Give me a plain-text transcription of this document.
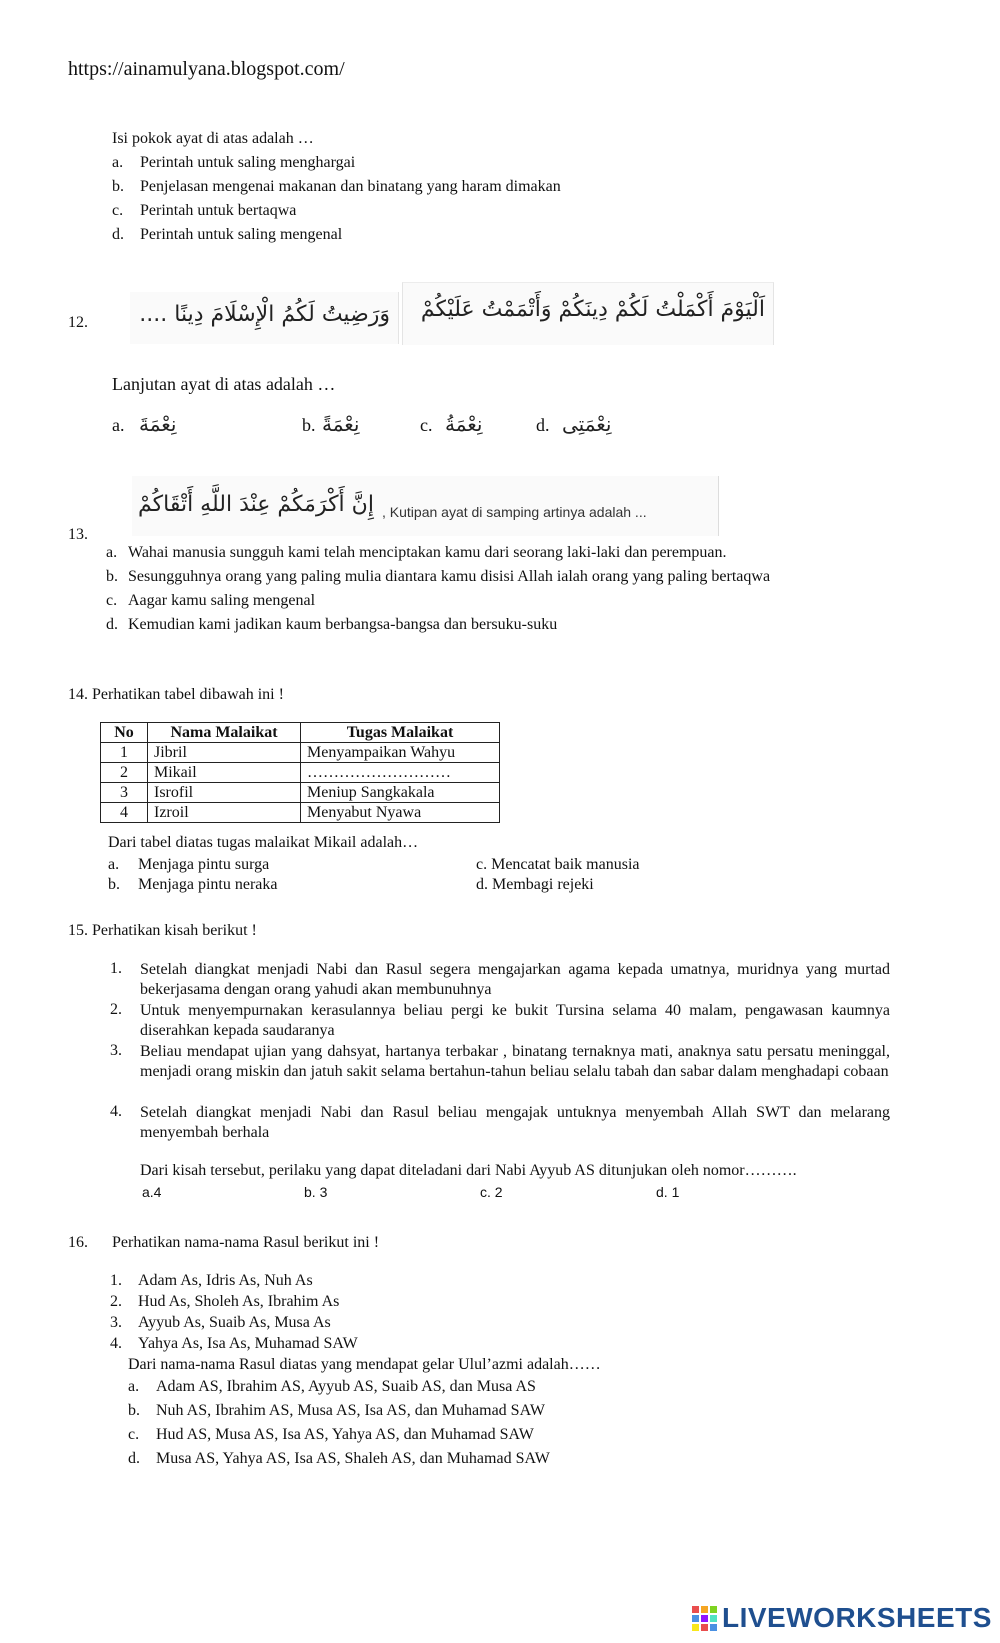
https://ainamulyana.blogspot.com/
Isi pokok ayat di atas adalah …
a. Perintah untuk saling menghargai
b. Penjelasan mengenai makanan dan binatang yang haram dimakan
c. Perintah untuk bertaqwa
d. Perintah untuk saling mengenal
12. وَرَضِيتُ لَكُمُ الْإِسْلَامَ دِينًا .... اَلْيَوْمَ أَكْمَلْتُ لَكُمْ دِينَكُمْ وَأَتْمَمْتُ عَلَيْكُمْ
Lanjutan ayat di atas adalah …
a. نِعْمَةَ	b. نِعْمَةً	c. نِعْمَةُ	d. نِعْمَتِى
إِنَّ أَكْرَمَكُمْ عِنْدَ اللَّهِ أَتْقَاكُمْ , Kutipan ayat di samping artinya adalah ...
13.
a. Wahai manusia sungguh kami telah menciptakan kamu dari seorang laki-laki dan perempuan.
b. Sesungguhnya orang yang paling mulia diantara kamu disisi Allah ialah orang yang paling bertaqwa
c. Aagar kamu saling mengenal
d. Kemudian kami jadikan kaum berbangsa-bangsa dan bersuku-suku
14. Perhatikan tabel dibawah ini !
No	Nama Malaikat	Tugas Malaikat
1	Jibril	Menyampaikan Wahyu
2	Mikail	………………………
3	Isrofil	Meniup Sangkakala
4	Izroil	Menyabut Nyawa
Dari tabel diatas tugas malaikat Mikail adalah…
a. Menjaga pintu surga
b. Menjaga pintu neraka
c. Mencatat baik manusia
d. Membagi rejeki
15. Perhatikan kisah berikut !
1. Setelah diangkat menjadi Nabi dan Rasul segera mengajarkan agama kepada umatnya, muridnya yang murtad bekerjasama dengan orang yahudi akan membunuhnya
2. Untuk menyempurnakan kerasulannya beliau pergi ke bukit Tursina selama 40 malam, pengawasan kaumnya diserahkan kepada saudaranya
3. Beliau mendapat ujian yang dahsyat, hartanya terbakar , binatang ternaknya mati, anaknya satu persatu meninggal, menjadi orang miskin dan jatuh sakit selama bertahun-tahun beliau selalu tabah dan sabar dalam menghadapi cobaan
4. Setelah diangkat menjadi Nabi dan Rasul beliau mengajak untuknya menyembah Allah SWT dan melarang menyembah berhala
Dari kisah tersebut, perilaku yang dapat diteladani dari Nabi Ayyub AS ditunjukan oleh nomor……….
a.4	b. 3	c. 2	d. 1
16. Perhatikan nama-nama Rasul berikut ini !
1. Adam As, Idris As, Nuh As
2. Hud As, Sholeh As, Ibrahim As
3. Ayyub As, Suaib As, Musa As
4. Yahya As, Isa As, Muhamad SAW
Dari nama-nama Rasul diatas yang mendapat gelar Ulul’azmi adalah……
a. Adam AS, Ibrahim AS, Ayyub AS, Suaib AS, dan Musa AS
b. Nuh AS, Ibrahim AS, Musa AS, Isa AS, dan Muhamad SAW
c. Hud AS, Musa AS, Isa AS, Yahya AS, dan Muhamad SAW
d. Musa AS, Yahya AS, Isa AS, Shaleh AS, dan Muhamad SAW
LIVEWORKSHEETS
